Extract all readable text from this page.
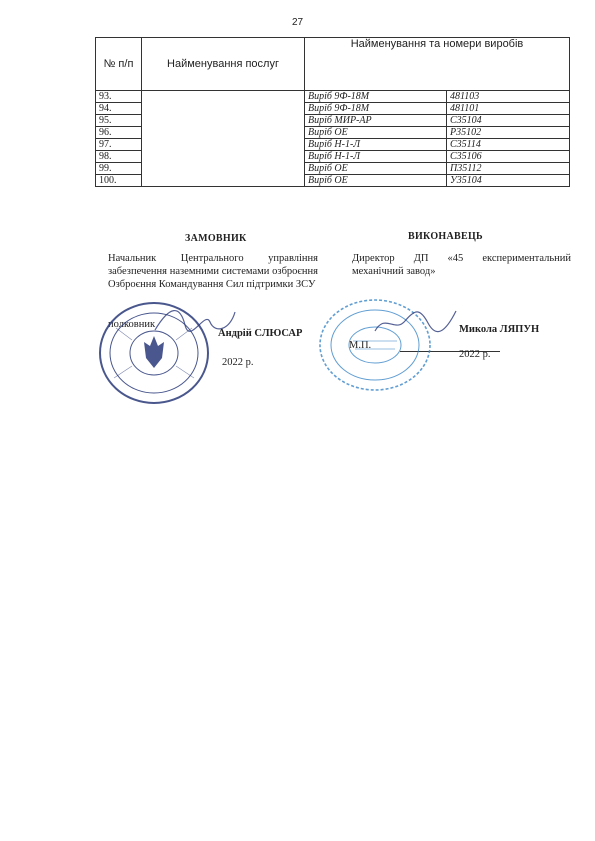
27
№ п/п	Найменування послуг	Найменування та номери виробів	
93.		Виріб 9Ф-18М	481103
94.		Виріб 9Ф-18М	481101
95.		Виріб МИР-АР	С35104
96.		Виріб ОЕ	Р35102
97.		Виріб Н-1-Л	С35114
98.		Виріб Н-1-Л	С35106
99.		Виріб ОЕ	П35112
100.		Виріб ОЕ	У35104
ЗАМОВНИК
Начальник Центрального управління забезпечення наземними системами озброєння Озброєння Командування Сил підтримки ЗСУ
полковник
Андрій СЛЮСАР
2022 р.
ВИКОНАВЕЦЬ
Директор ДП «45 експериментальний механічний завод»
Микола ЛЯПУН
М.П.
2022 р.
